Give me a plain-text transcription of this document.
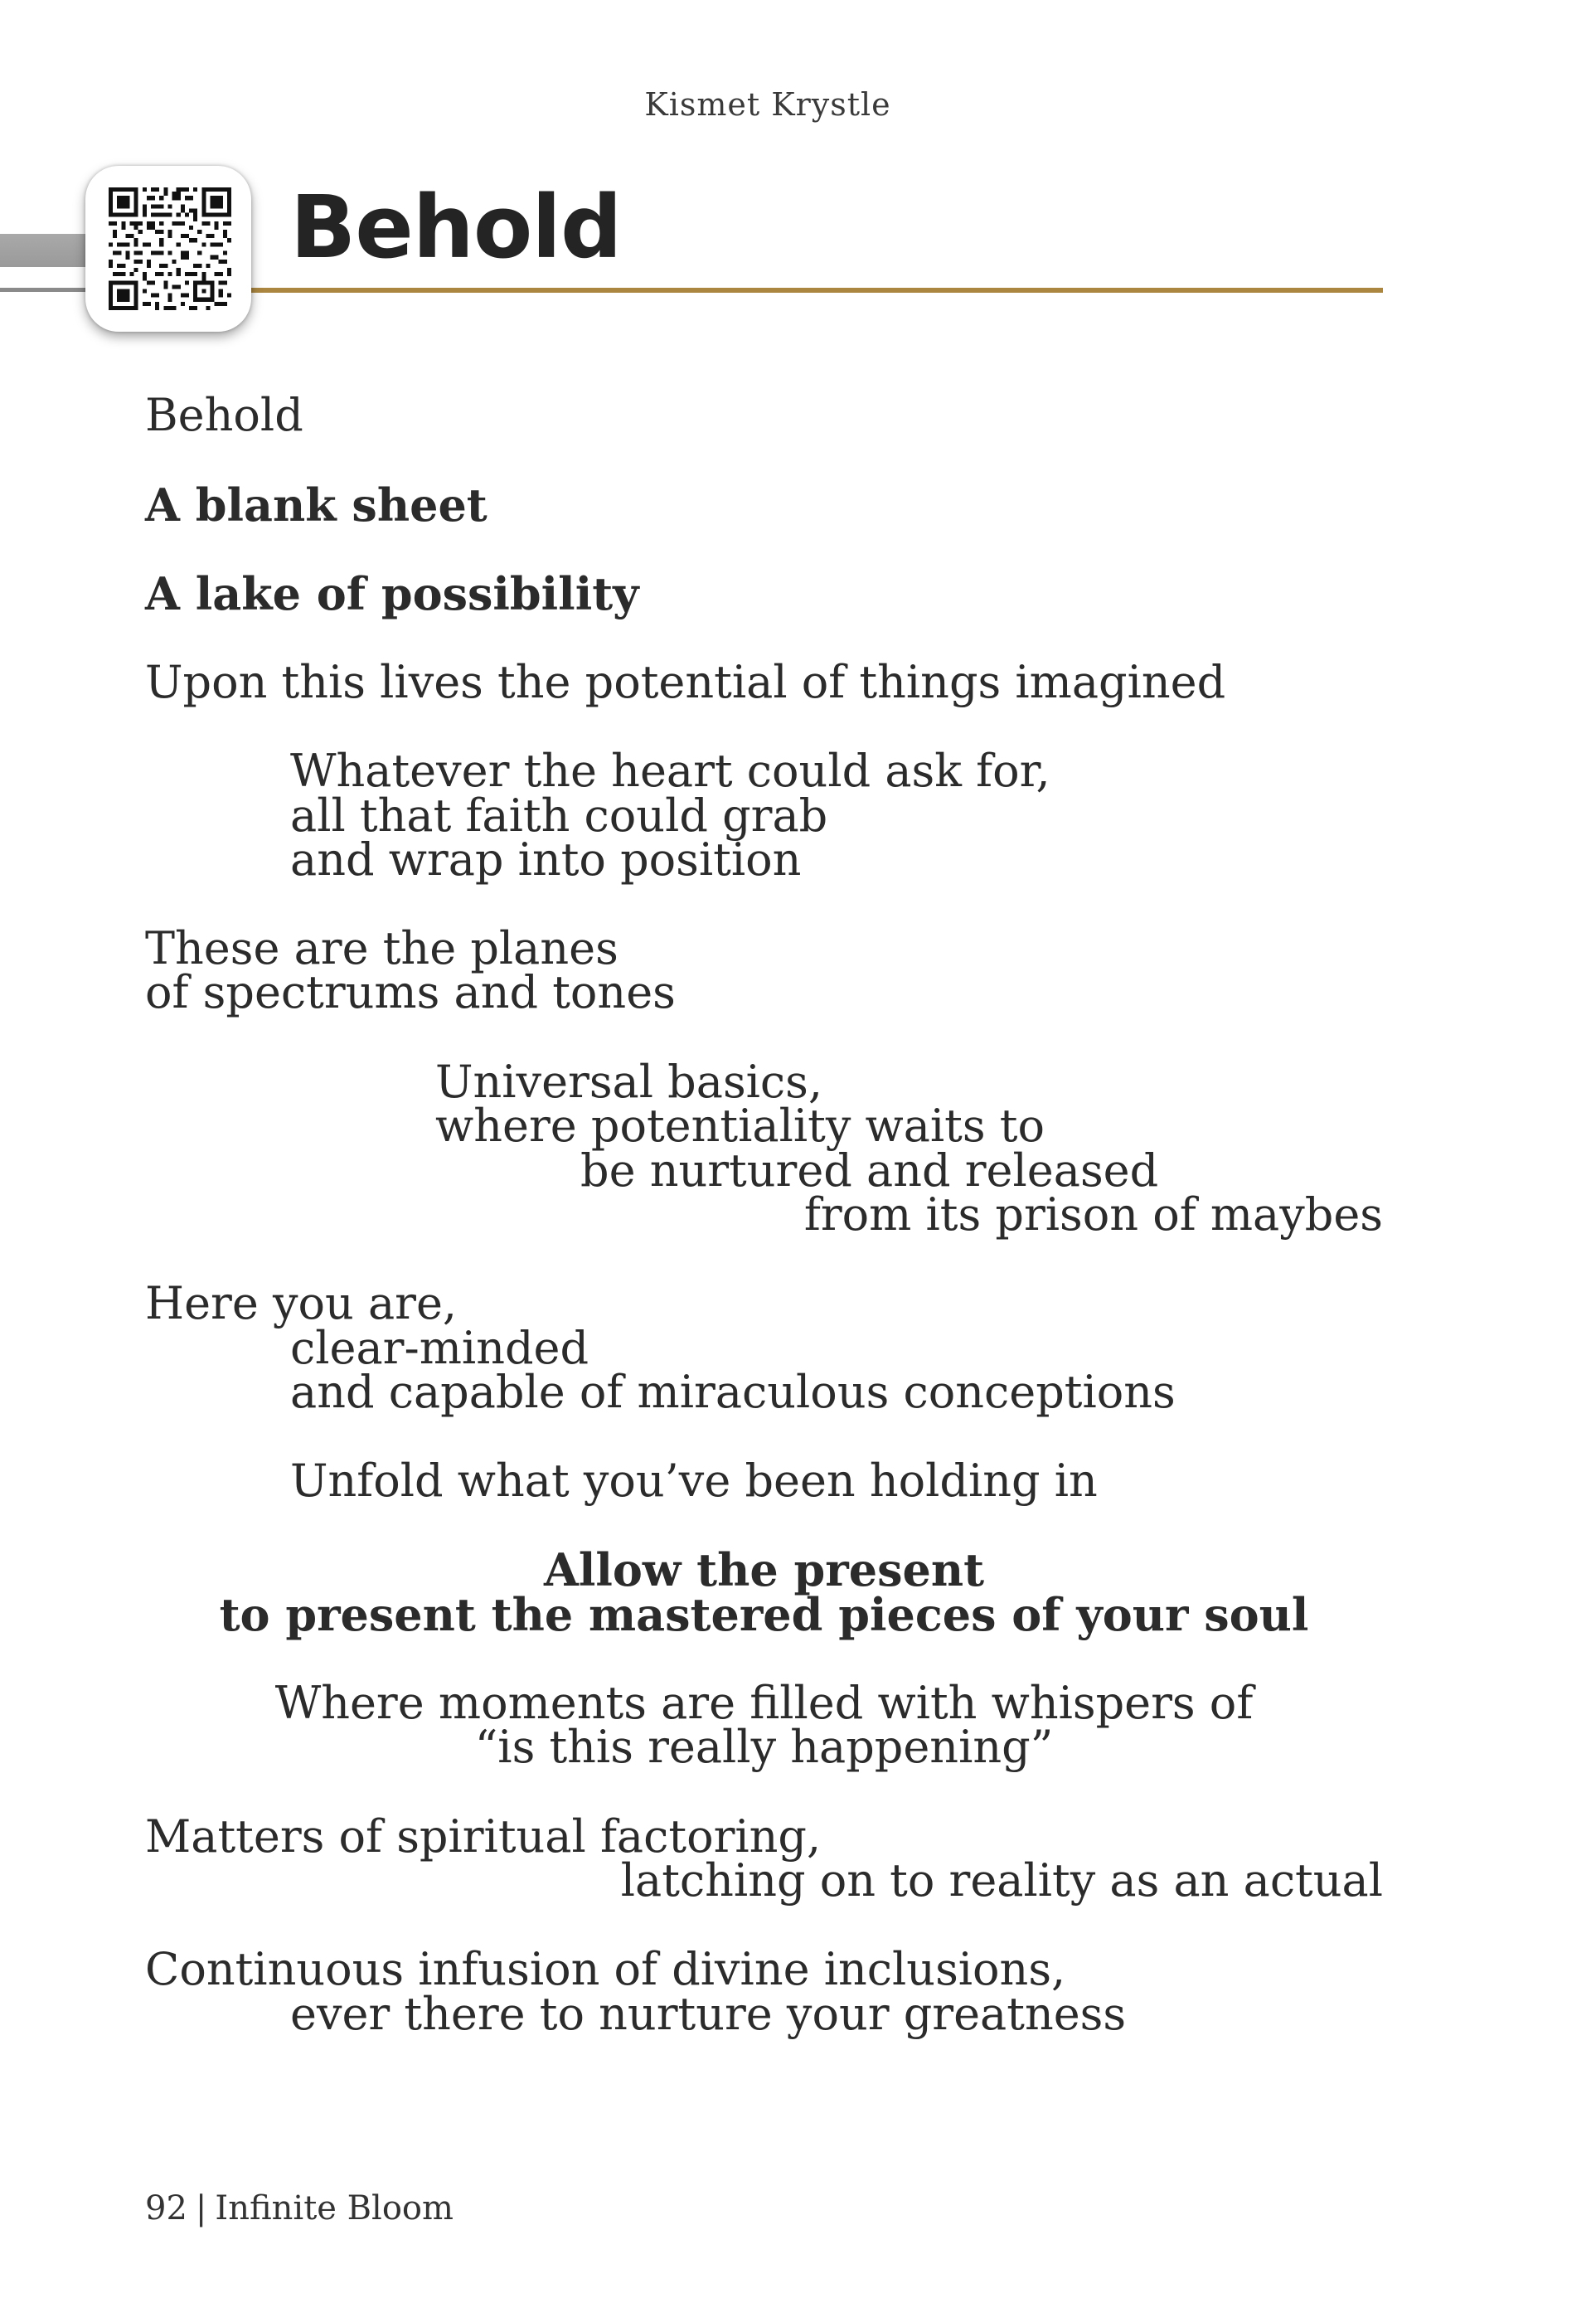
Kismet Krystle
Behold
Behold
A blank sheet
A lake of possibility
Upon this lives the potential of things imagined
Whatever the heart could ask for,
all that faith could grab
and wrap into position
These are the planes
of spectrums and tones
Universal basics,
where potentiality waits to
be nurtured and released
from its prison of maybes
Here you are,
clear-minded
and capable of miraculous conceptions
Unfold what you’ve been holding in
Allow the present
to present the mastered pieces of your soul
Where moments are filled with whispers of
“is this really happening”
Matters of spiritual factoring,
latching on to reality as an actual
Continuous infusion of divine inclusions,
ever there to nurture your greatness
92 | Infinite Bloom
